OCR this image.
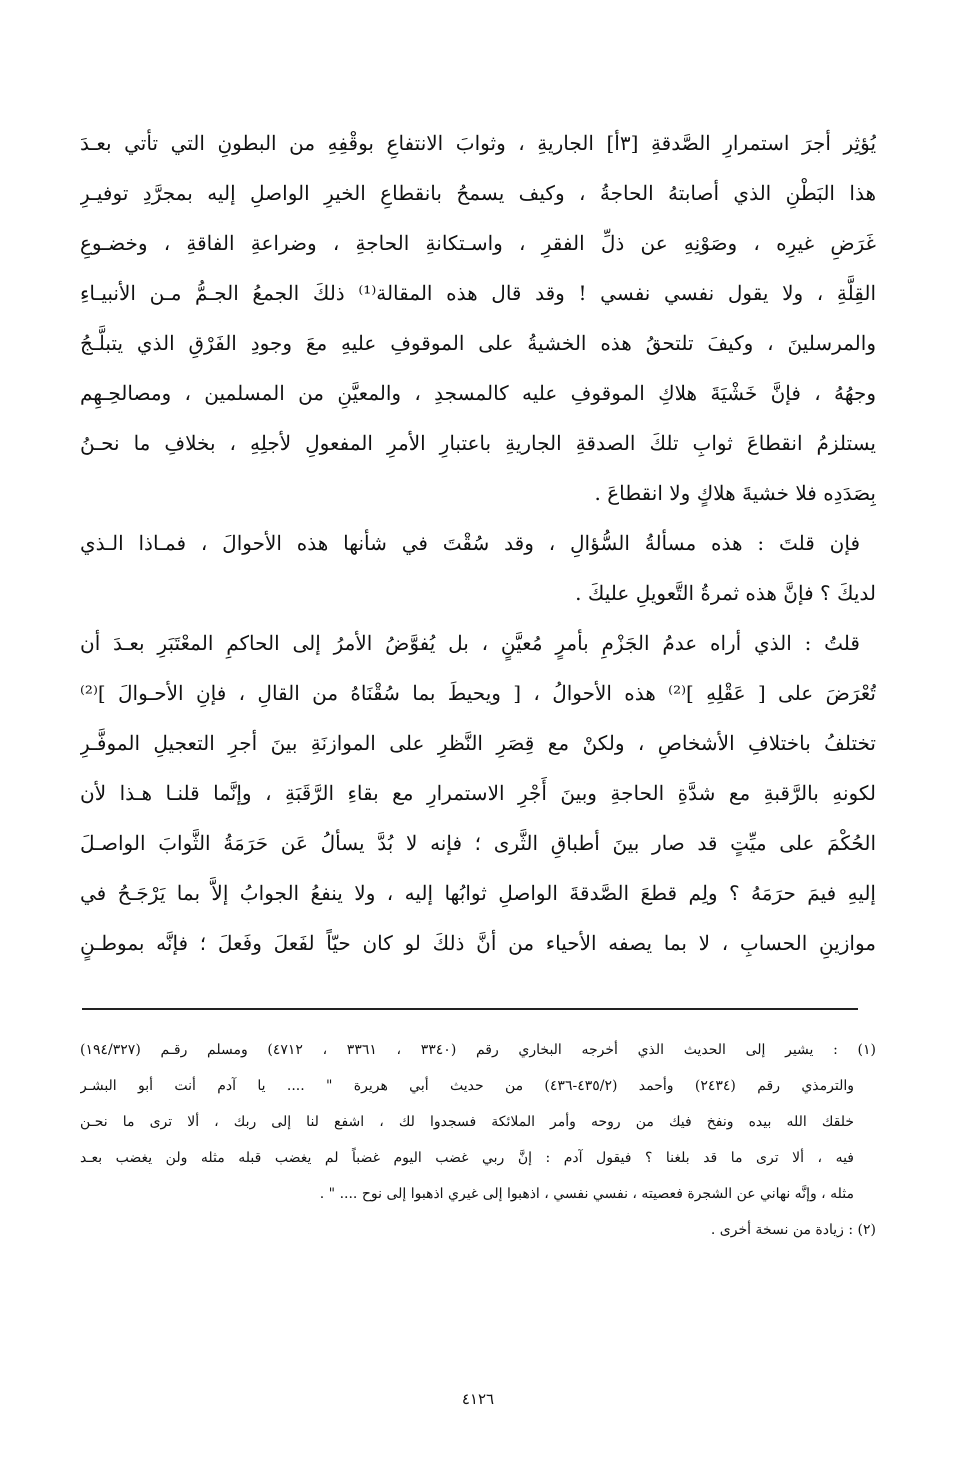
يُؤثِر أجرَ استمرارِ الصَّدقةِ [٣أ] الجاريةِ ، وثوابَ الانتفاعِ بوقْفِهِ من البطونِ التي تأتي بعـدَ
هذا البَطْنِ الذي أصابتهُ الحاجةُ ، وكيف يسمحُ بانقطاعِ الخيرِ الواصلِ إليه بمجرَّدِ توفيـرِ
غَرَضِ غيرِه ، وصَوْنِهِ عن ذلِّ الفقرِ ، واسـتكانةِ الحاجةِ ، وضراعةِ الفاقةِ ، وخضـوعِ
القِلَّةِ ، ولا يقول نفسي نفسي ! وقد قال هذه المقالة⁽¹⁾ ذلكَ الجمعُ الجـمُّ مـن الأنبيـاءِ
والمرسلينَ ، وكيفَ تلتحقُ هذه الخشيةُ على الموقوفِ عليهِ معَ وجودِ الفَرْقِ الذي يتبلَّـجُ
وجهُهُ ، فإنَّ خَشْيَةَ هلاكِ الموقوفِ عليه كالمسجدِ ، والمعيَّنِ من المسلمين ، ومصالحِـهِم
يستلزمُ انقطاعَ ثوابِ تلكَ الصدقةِ الجاريةِ باعتبارِ الأمرِ المفعولِ لأجلِهِ ، بخلافِ ما نحـنُ
بِصَدَدِه فلا خشيةَ هلاكٍ ولا انقطاعَ .
فإن قلتَ : هذه مسألةُ السُّؤالِ ، وقد سُقْتَ في شأنها هذه الأحوالَ ، فمـاذا الـذي
لديكَ ؟ فإنَّ هذه ثمرةُ التَّعويلِ عليكَ .
قلتُ : الذي أراه عدمُ الجَزْمِ بأمرٍ مُعيَّنٍ ، بل يُفوَّضُ الأمرُ إلى الحاكمِ المعْتَبَرِ بعـدَ أن
تُعْرَضَ على [ عَقْلِهِ ]⁽²⁾ هذه الأحوالُ ، [ ويحيطَ بما سُقْنَاهُ من القالِ ، فإنِ الأحـوالَ ]⁽²⁾
تختلفُ باختلافِ الأشخاصِ ، ولكنْ مع قِصَرِ النَّظرِ على الموازنَةِ بينَ أجرِ التعجيلِ الموفَّـرِ
لكونهِ بالرَّقبةِ مع شدَّةِ الحاجةِ وبينَ أَجْرِ الاستمرارِ مع بقاءِ الرَّقَبَةِ ، وإنَّما قلنـا هـذا لأن
الحُكْمَ على ميِّتٍ قد صار بينَ أطباقِ الثَّرى ؛ فإنه لا بُدَّ يسألُ عَن حَرَمَةُ الثَّوابَ الواصـلَ
إليهِ فيمَ حرَمَهُ ؟ ولِم قطعَ الصَّدقةَ الواصلِ ثوابُها إليه ، ولا ينفعُ الجوابُ إلاَّ بما يَرْجَـحُ في
موازينِ الحسابِ ، لا بما يصفه الأحياء من أنَّ ذلكَ لو كان حيّاً لفَعلَ وفَعلَ ؛ فإنَّه بموطـنٍ
(١) : يشير إلى الحديث الذي أخرجه البخاري رقم (٣٣٤٠ ، ٣٣٦١ ، ٤٧١٢) ومسلم رقـم (١٩٤/٣٢٧)
والترمذي رقم (٢٤٣٤) وأحمد (٤٣٥/٢-٤٣٦) من حديث أبي هريرة " .... يا آدم أنت أبو البشـر
خلقك الله بيده ونفخ فيك من روحه وأمر الملائكة فسجدوا لك ، اشفع لنا إلى ربك ، ألا ترى ما نحـن
فيه ، ألا ترى ما قد بلغنا ؟ فيقول آدم : إنَّ ربي غضب اليوم غضباً لم يغضب قبله مثله ولن يغضب بعـد
مثله ، وإنَّه نهاني عن الشجرة فعصيته ، نفسي نفسي ، اذهبوا إلى غيري اذهبوا إلى نوح .... " .
(٢) : زيادة من نسخة أخرى .
٤١٢٦
